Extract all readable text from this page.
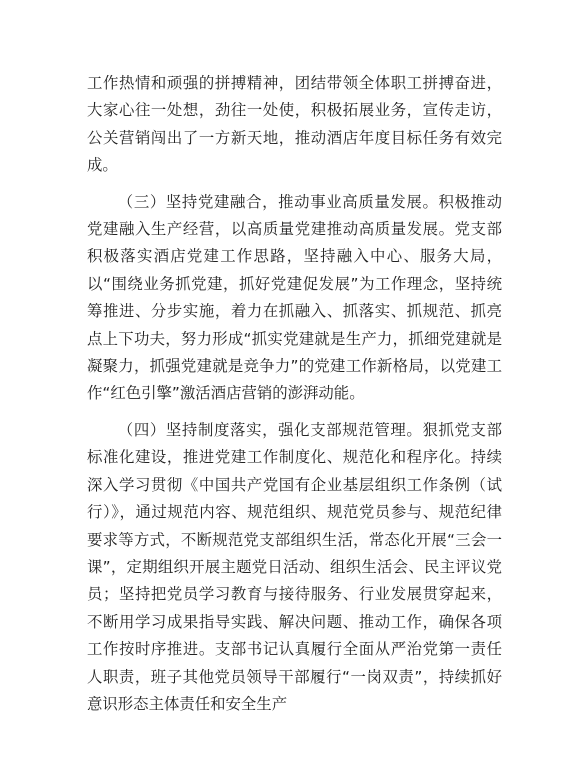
工作热情和顽强的拼搏精神，团结带领全体职工拼搏奋进，大家心往一处想，劲往一处使，积极拓展业务，宣传走访，公关营销闯出了一方新天地，推动酒店年度目标任务有效完成。

（三）坚持党建融合，推动事业高质量发展。积极推动党建融入生产经营，以高质量党建推动高质量发展。党支部积极落实酒店党建工作思路，坚持融入中心、服务大局，以“围绕业务抓党建，抓好党建促发展”为工作理念，坚持统筹推进、分步实施，着力在抓融入、抓落实、抓规范、抓亮点上下功夫，努力形成“抓实党建就是生产力，抓细党建就是凝聚力，抓强党建就是竞争力”的党建工作新格局，以党建工作“红色引擎”激活酒店营销的澎湃动能。

（四）坚持制度落实，强化支部规范管理。狠抓党支部标准化建设，推进党建工作制度化、规范化和程序化。持续深入学习贯彻《中国共产党国有企业基层组织工作条例（试行）》，通过规范内容、规范组织、规范党员参与、规范纪律要求等方式，不断规范党支部组织生活，常态化开展“三会一课”，定期组织开展主题党日活动、组织生活会、民主评议党员；坚持把党员学习教育与接待服务、行业发展贯穿起来，不断用学习成果指导实践、解决问题、推动工作，确保各项工作按时序推进。支部书记认真履行全面从严治党第一责任人职责，班子其他党员领导干部履行“一岗双责”，持续抓好意识形态主体责任和安全生产
